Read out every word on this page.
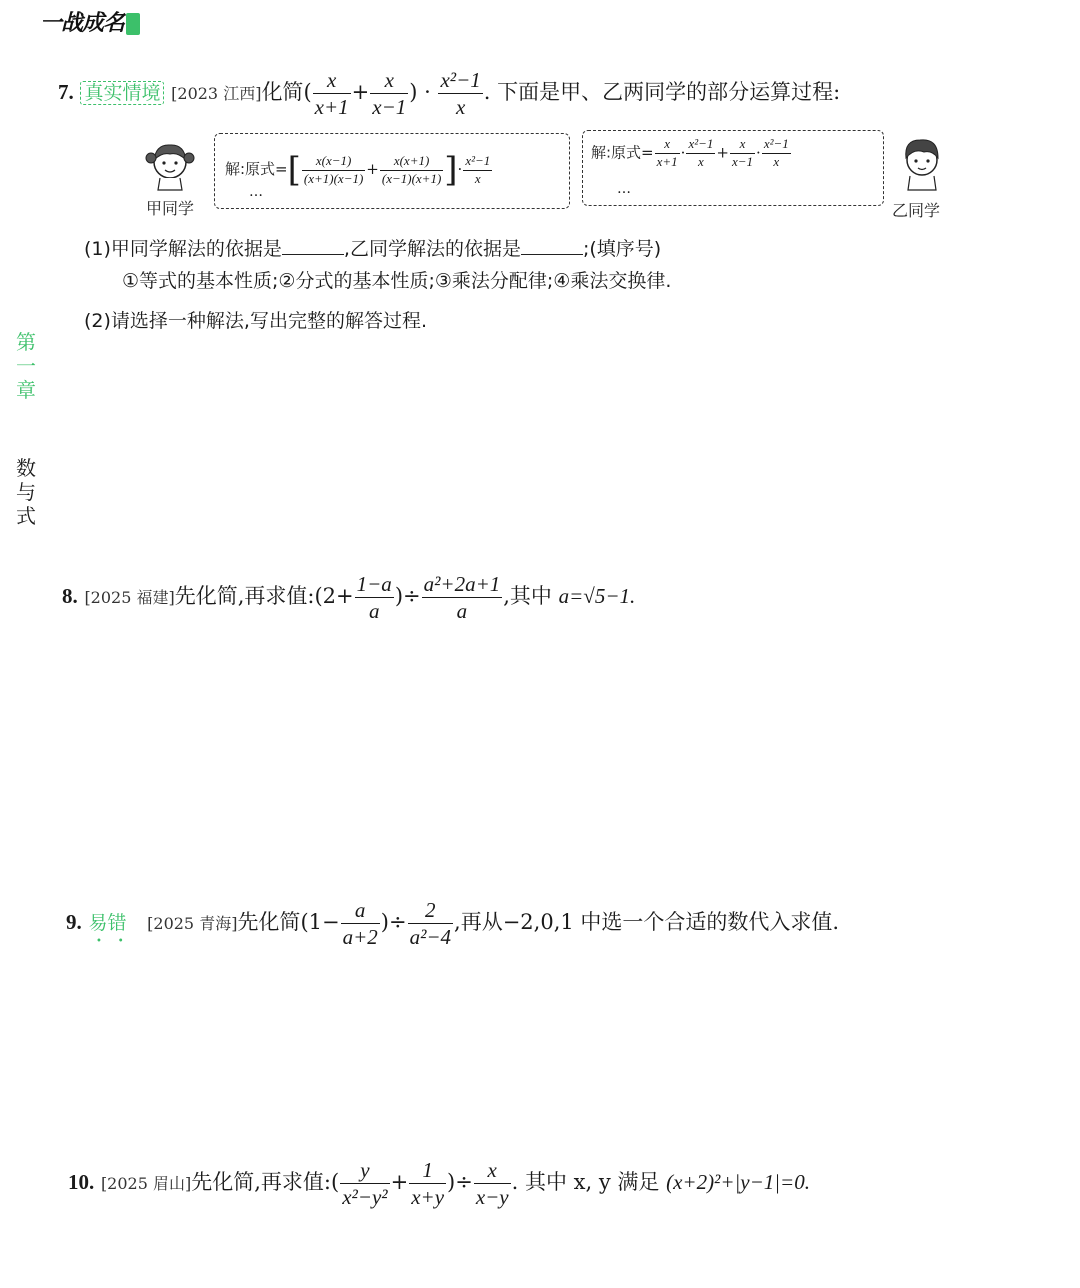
一战成名
第一章
数与式
7. 真实情境 [2023 江西]化简( $\frac{x}{x+1} + \frac{x}{x-1}$ ) · $\frac{\text{x²−1}}{x}$ . 下面是甲、乙两同学的部分运算过程:
甲同学
解:原式=[ $\frac{x(x-1)}{(x+1)(x-1)} + \frac{x(x+1)}{(x-1)(x+1)}$ ]· $\frac{\text{x²−1}}{x}$
…
解:原式= $\frac{x}{x+1} \cdot \frac{\text{x²−1}}{x} + \frac{x}{x-1} \cdot \frac{\text{x²−1}}{x}$
…
乙同学
(1)甲同学解法的依据是	,乙同学解法的依据是	;(填序号)
①等式的基本性质;②分式的基本性质;③乘法分配律;④乘法交换律.
(2)请选择一种解法,写出完整的解答过程.
8. [2025 福建]先化简,再求值:(2+ $\frac{1-a}{a}$ )÷ $\frac{\text{a²+2a+1}}{a}$ ,其中 a=√5−1.
9. 易错 [2025 青海]先化简($1- \frac{a}{a+2}$ )÷ $\frac{2}{\text{a²−4}}$ ,再从−2,0,1 中选一个合适的数代入求值.
•     •
10. [2025 眉山]先化简,再求值:( $\frac{y}{\text{x²−y²}} + \frac{1}{x+y}$ )÷ $\frac{x}{x-y}$ . 其中 x, y 满足 (x+2)²+|y−1|=0.
